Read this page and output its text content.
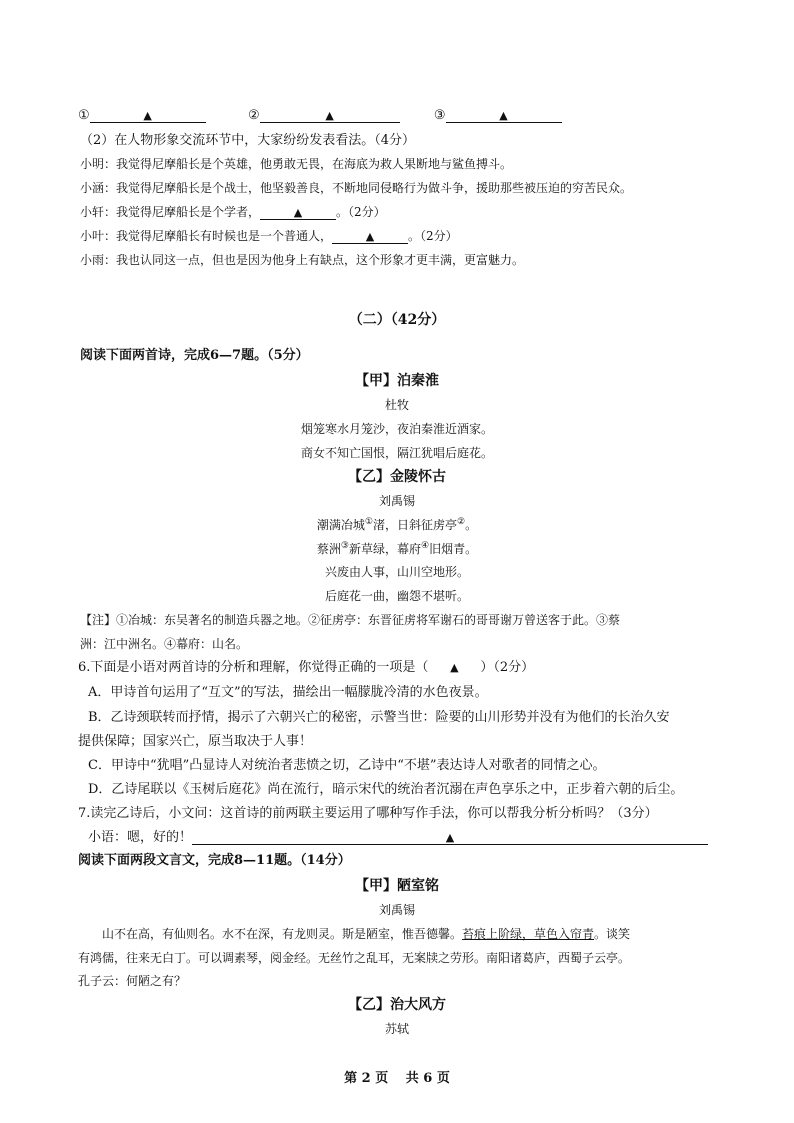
①	▲	②	▲	③	▲
（2）在人物形象交流环节中，大家纷纷发表看法。（4分）
小明：我觉得尼摩船长是个英雄，他勇敢无畏，在海底为救人果断地与鲨鱼搏斗。
小涵：我觉得尼摩船长是个战士，他坚毅善良，不断地同侵略行为做斗争，援助那些被压迫的穷苦民众。
小轩：我觉得尼摩船长是个学者，	▲	。（2分）
小叶：我觉得尼摩船长有时候也是一个普通人，	▲	。（2分）
小雨：我也认同这一点，但也是因为他身上有缺点，这个形象才更丰满，更富魅力。
（二）（42分）
阅读下面两首诗，完成6—7题。（5分）
【甲】泊秦淮
杜牧
烟笼寒水月笼沙，夜泊秦淮近酒家。
商女不知亡国恨，隔江犹唱后庭花。
【乙】金陵怀古
刘禹锡
潮满冶城①渚，日斜征虏亭②。
蔡洲③新草绿，幕府④旧烟青。
兴废由人事，山川空地形。
后庭花一曲，幽怨不堪听。
【注】①冶城：东吴著名的制造兵器之地。②征虏亭：东晋征虏将军谢石的哥哥谢万曾送客于此。③蔡
洲：江中洲名。④幕府：山名。
6.下面是小语对两首诗的分析和理解，你觉得正确的一项是（ ▲ ）（2分）
A．甲诗首句运用了“互文”的写法，描绘出一幅朦胧冷清的水色夜景。
B．乙诗颈联转而抒情，揭示了六朝兴亡的秘密，示警当世：险要的山川形势并没有为他们的长治久安
提供保障；国家兴亡，原当取决于人事！
C．甲诗中“犹唱”凸显诗人对统治者悲愤之切，乙诗中“不堪”表达诗人对歌者的同情之心。
D．乙诗尾联以《玉树后庭花》尚在流行，暗示宋代的统治者沉溺在声色享乐之中，正步着六朝的后尘。
7.读完乙诗后，小文问：这首诗的前两联主要运用了哪种写作手法，你可以帮我分析分析吗？（3分）
小语：嗯，好的！	▲
阅读下面两段文言文，完成8—11题。（14分）
【甲】陋室铭
刘禹锡
山不在高，有仙则名。水不在深，有龙则灵。斯是陋室，惟吾德馨。苔痕上阶绿，草色入帘青。谈笑
有鸿儒，往来无白丁。可以调素琴，阅金经。无丝竹之乱耳，无案牍之劳形。南阳诸葛庐，西蜀子云亭。
孔子云：何陋之有？
【乙】治大风方
苏轼
第 2 页　 共 6 页
